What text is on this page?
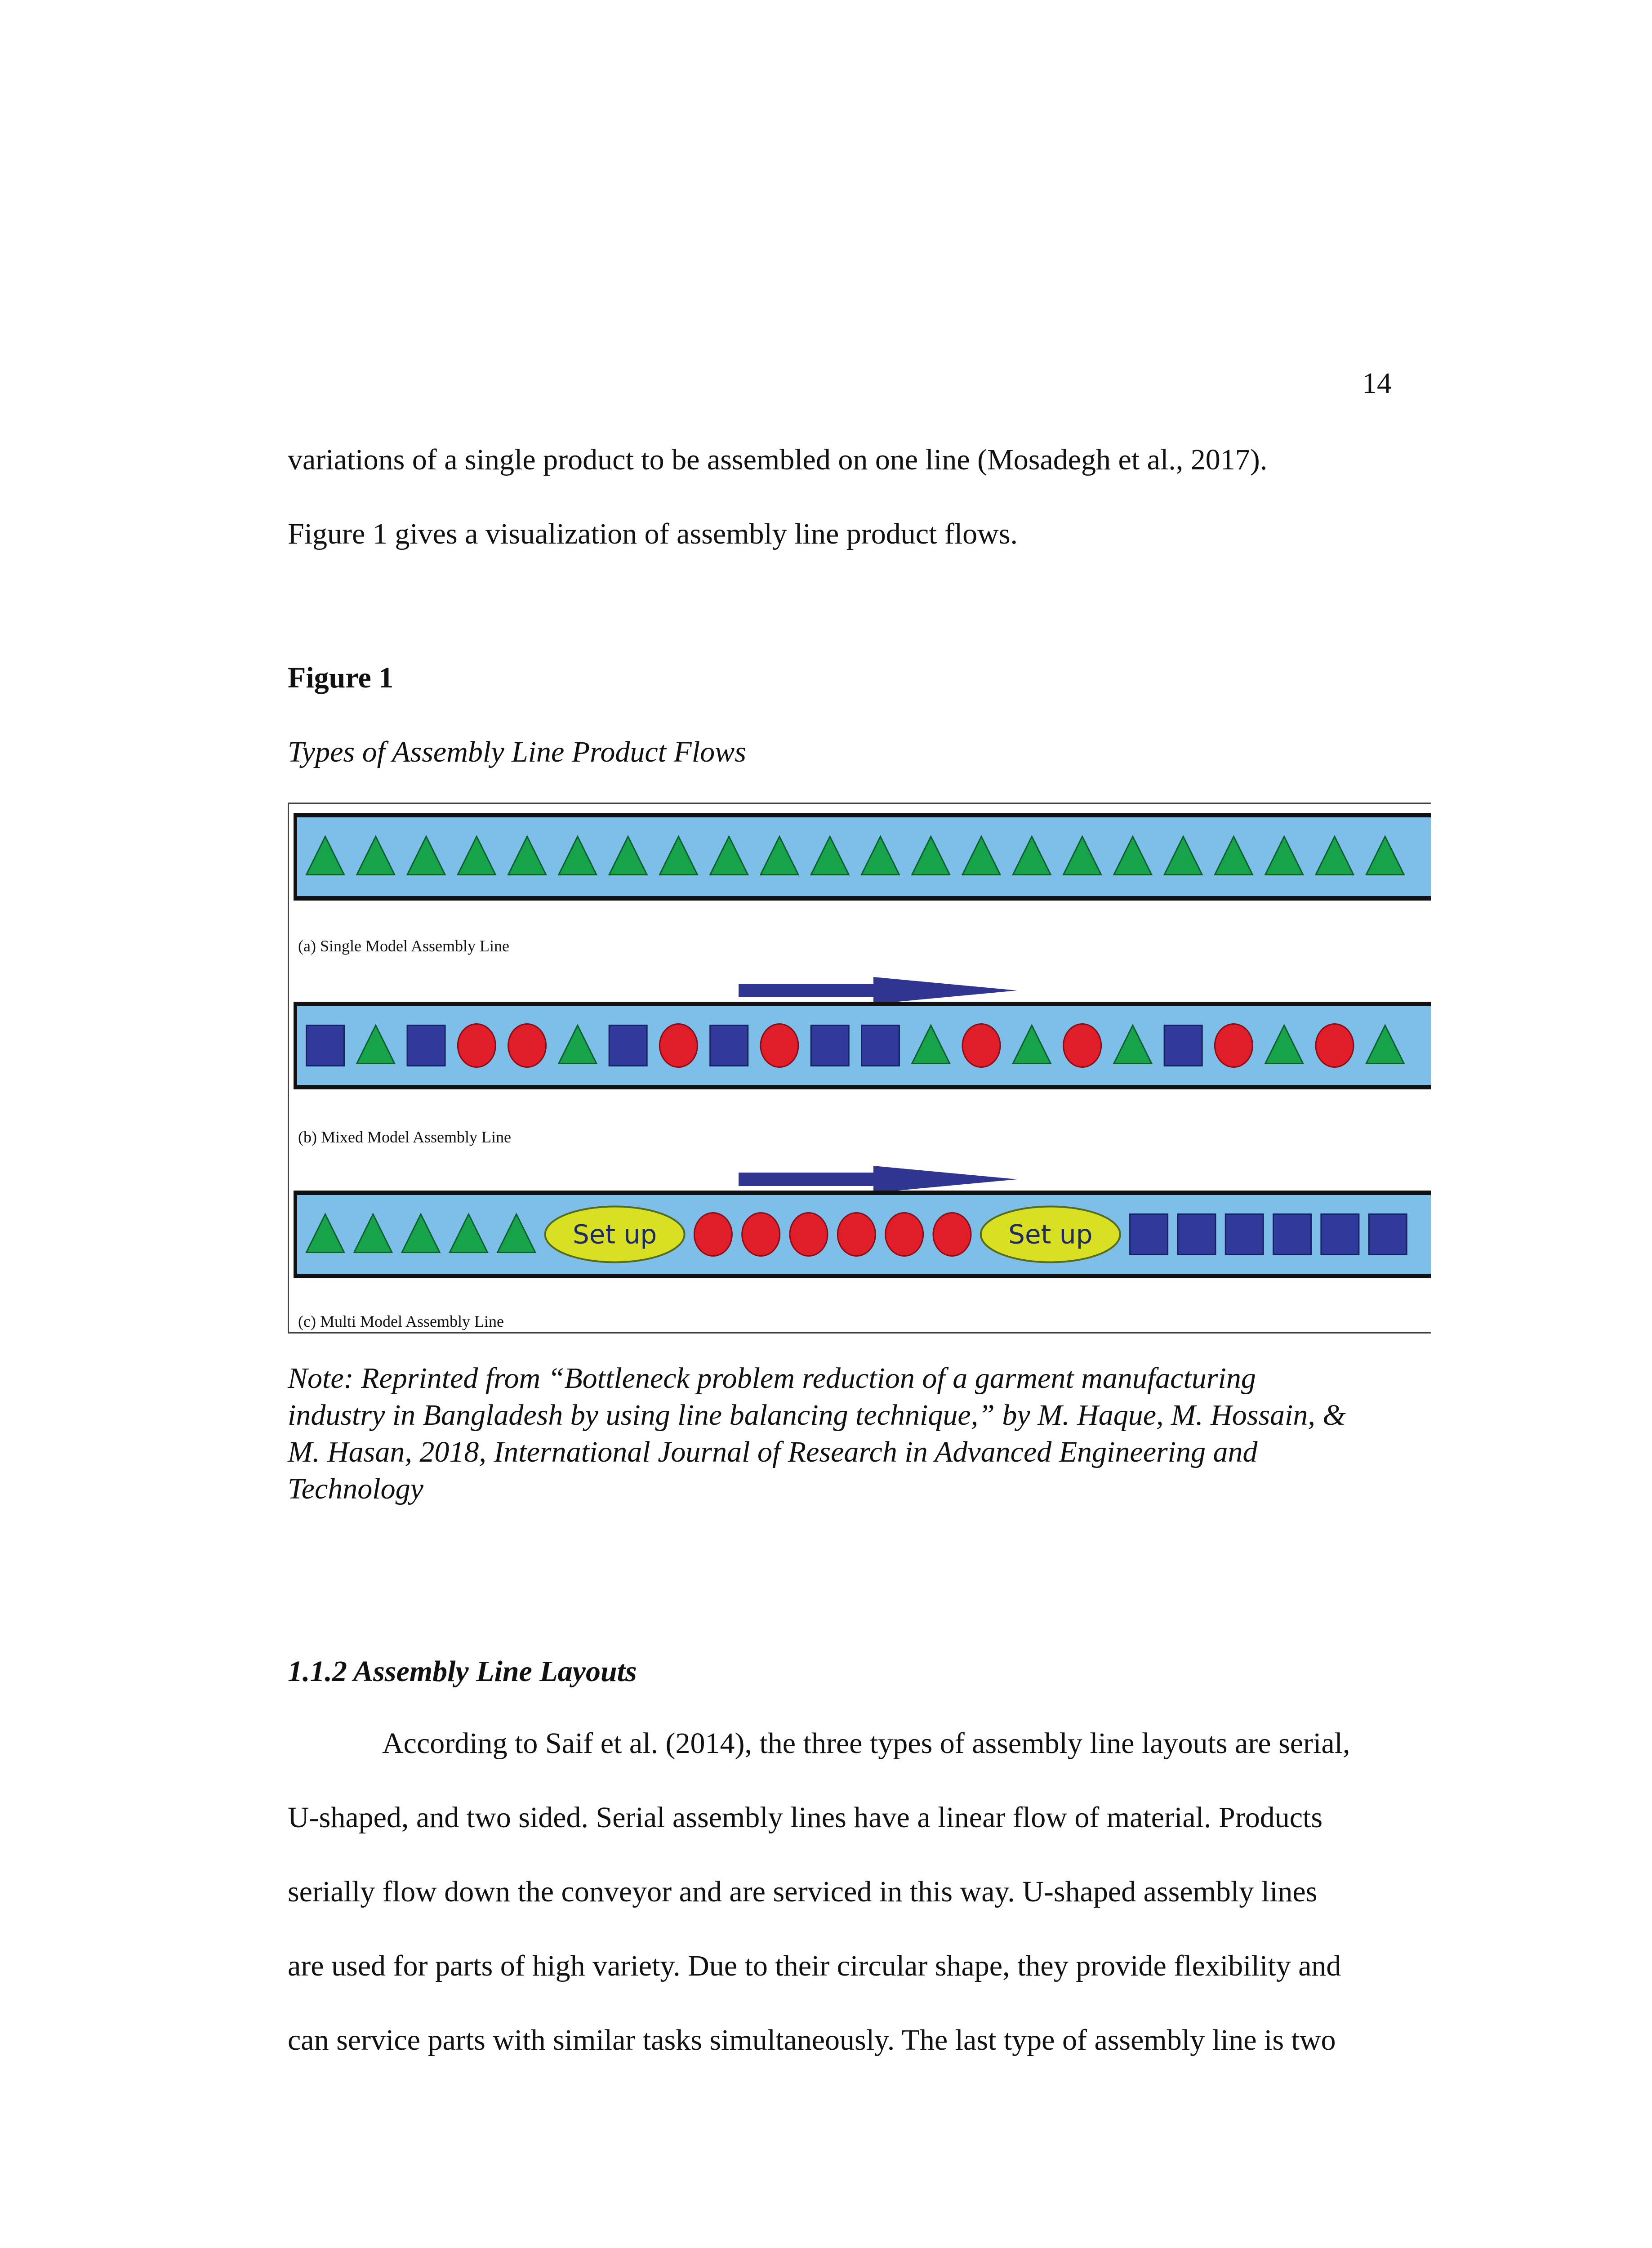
14
variations of a single product to be assembled on one line (Mosadegh et al., 2017).
Figure 1 gives a visualization of assembly line product flows.
Figure 1
Types of Assembly Line Product Flows
(a) Single Model Assembly Line
(b) Mixed Model Assembly Line
Set up	Set up
(c) Multi Model Assembly Line
Note: Reprinted from “Bottleneck problem reduction of a garment manufacturing
industry in Bangladesh by using line balancing technique,” by M. Haque, M. Hossain, &
M. Hasan, 2018, International Journal of Research in Advanced Engineering and
Technology
1.1.2 Assembly Line Layouts
According to Saif et al. (2014), the three types of assembly line layouts are serial,
U-shaped, and two sided. Serial assembly lines have a linear flow of material. Products
serially flow down the conveyor and are serviced in this way. U-shaped assembly lines
are used for parts of high variety. Due to their circular shape, they provide flexibility and
can service parts with similar tasks simultaneously. The last type of assembly line is two
